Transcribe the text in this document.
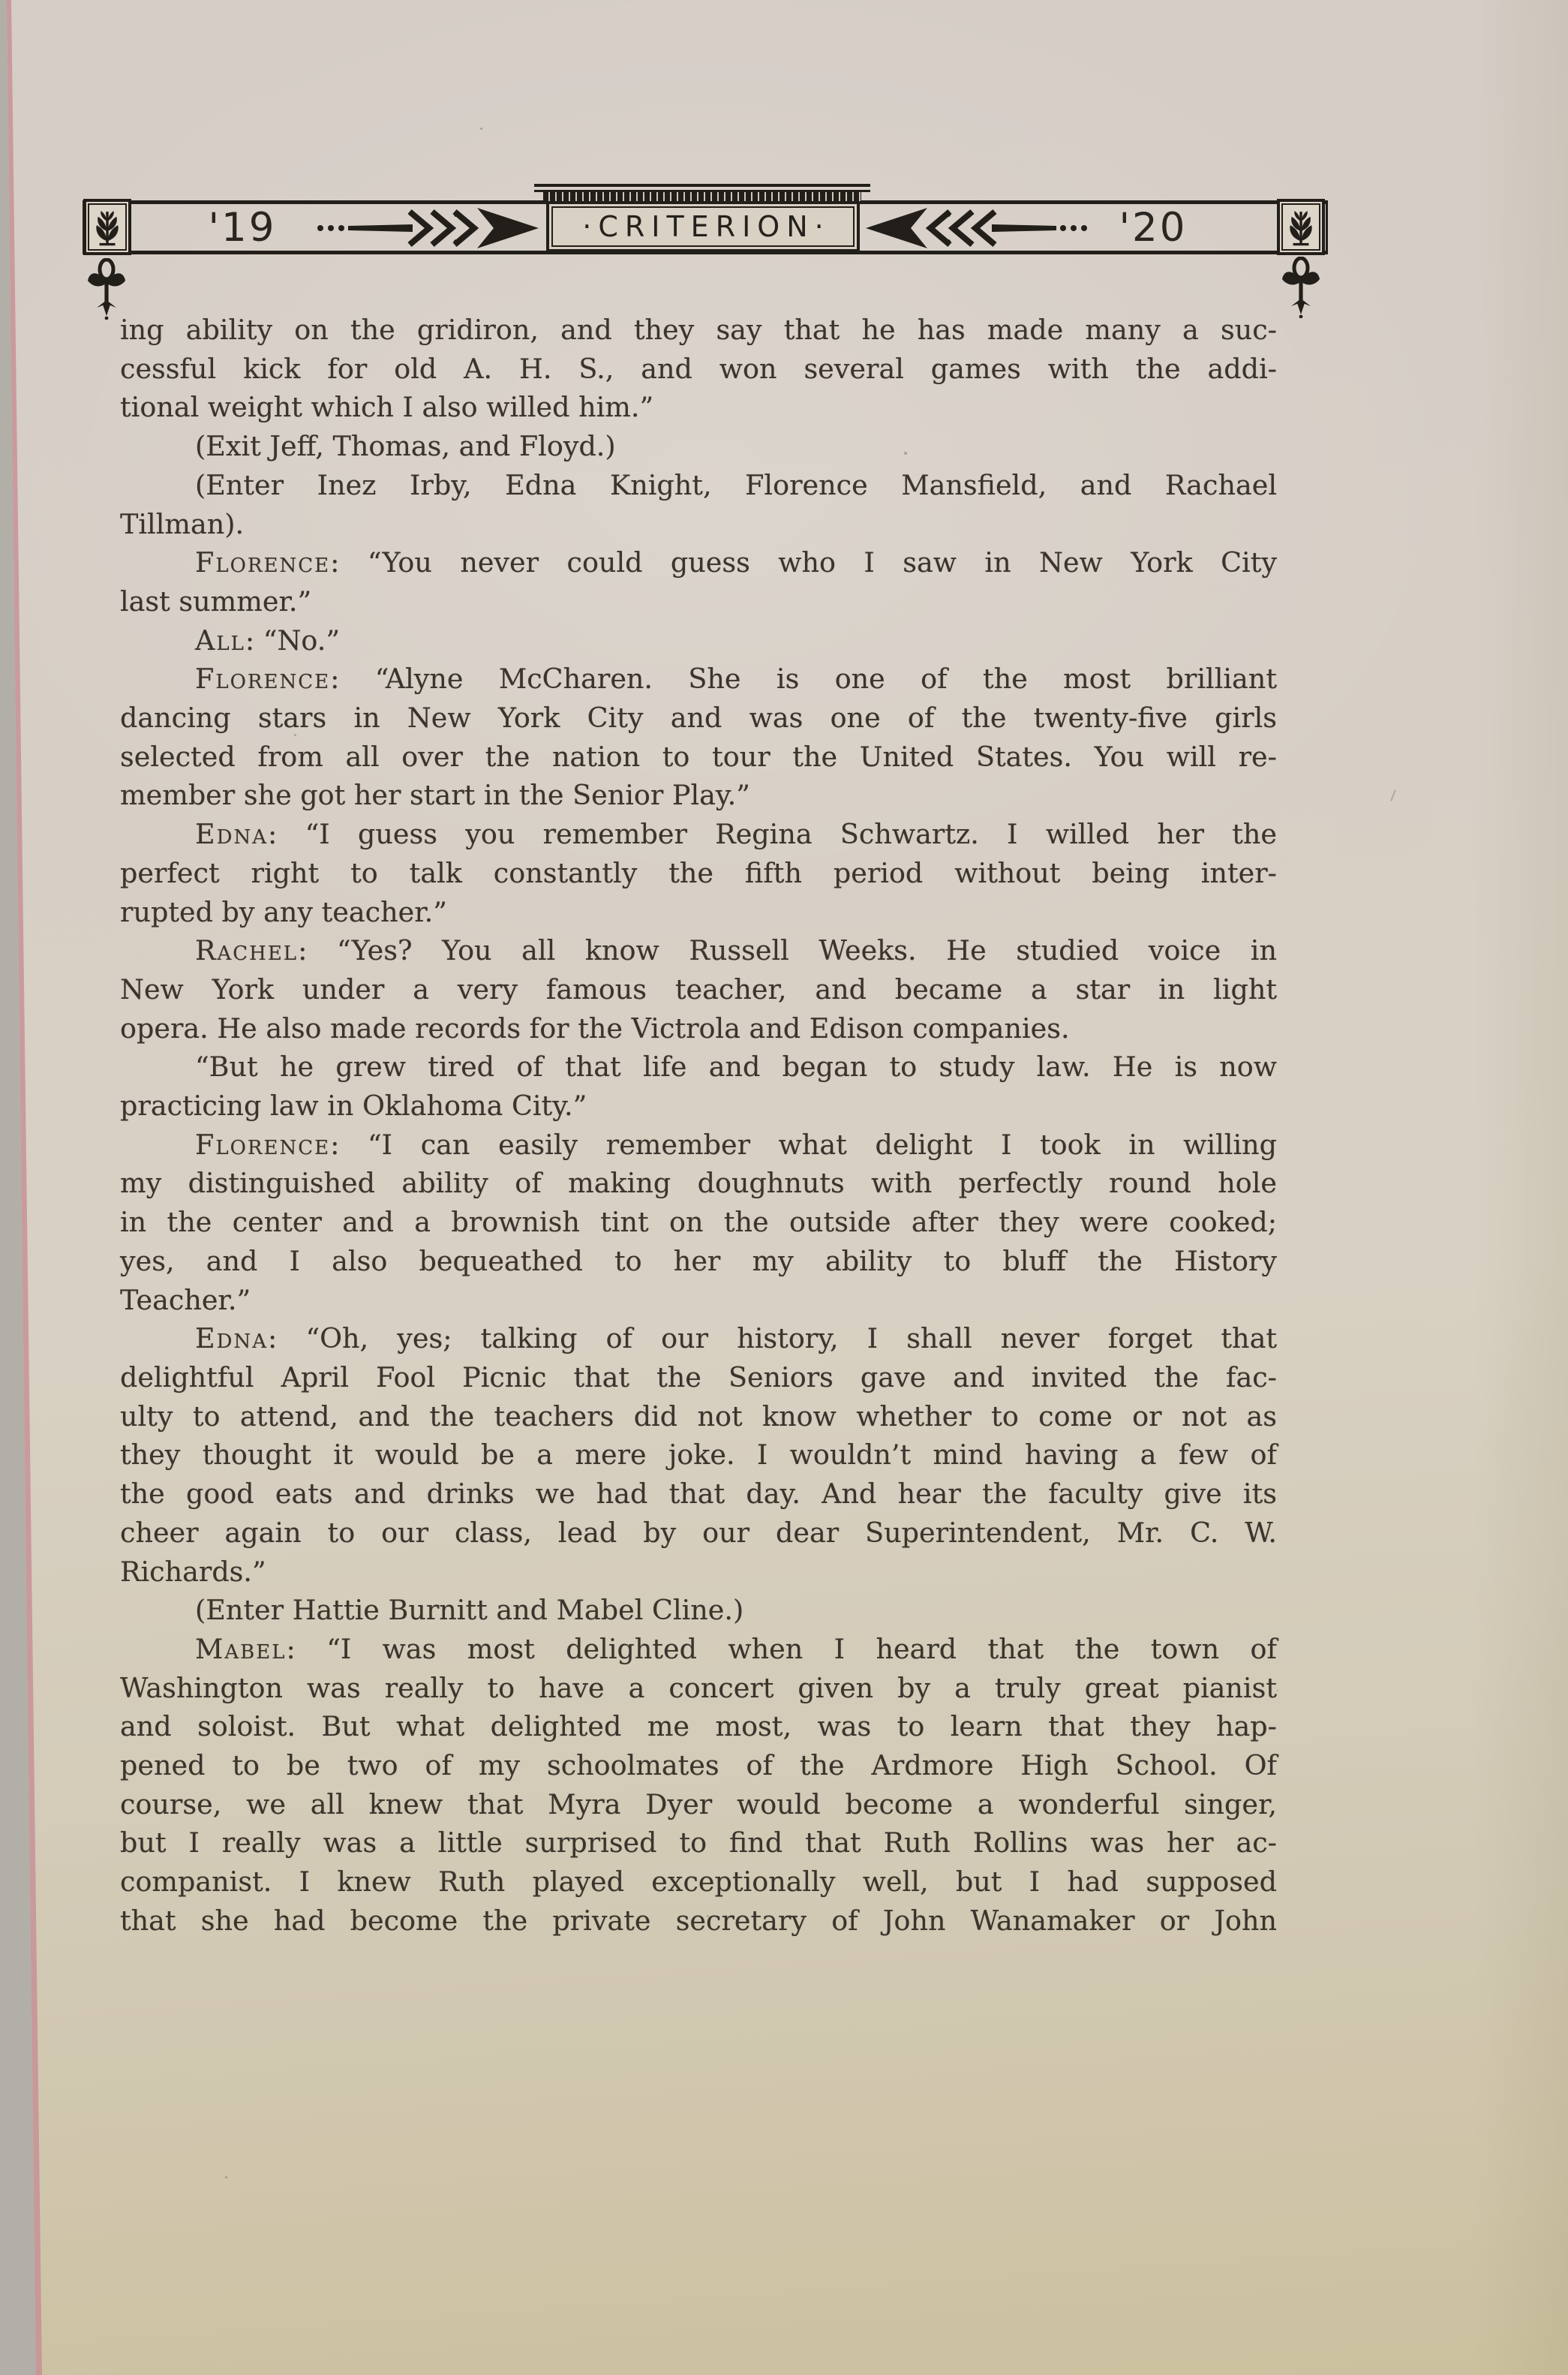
'19	'20
·CRITERION·
ing ability on the gridiron, and they say that he has made many a suc-
cessful kick for old A. H. S., and won several games with the addi-
tional weight which I also willed him.”
(Exit Jeff, Thomas, and Floyd.)
(Enter Inez Irby, Edna Knight, Florence Mansfield, and Rachael
Tillman).
Florence: “You never could guess who I saw in New York City
last summer.”
All: “No.”
Florence: “Alyne McCharen. She is one of the most brilliant
dancing stars in New York City and was one of the twenty-five girls
selected from all over the nation to tour the United States. You will re-
member she got her start in the Senior Play.”
Edna: “I guess you remember Regina Schwartz. I willed her the
perfect right to talk constantly the fifth period without being inter-
rupted by any teacher.”
Rachel: “Yes? You all know Russell Weeks. He studied voice in
New York under a very famous teacher, and became a star in light
opera. He also made records for the Victrola and Edison companies.
“But he grew tired of that life and began to study law. He is now
practicing law in Oklahoma City.”
Florence: “I can easily remember what delight I took in willing
my distinguished ability of making doughnuts with perfectly round hole
in the center and a brownish tint on the outside after they were cooked;
yes, and I also bequeathed to her my ability to bluff the History
Teacher.”
Edna: “Oh, yes; talking of our history, I shall never forget that
delightful April Fool Picnic that the Seniors gave and invited the fac-
ulty to attend, and the teachers did not know whether to come or not as
they thought it would be a mere joke. I wouldn’t mind having a few of
the good eats and drinks we had that day. And hear the faculty give its
cheer again to our class, lead by our dear Superintendent, Mr. C. W.
Richards.”
(Enter Hattie Burnitt and Mabel Cline.)
Mabel: “I was most delighted when I heard that the town of
Washington was really to have a concert given by a truly great pianist
and soloist. But what delighted me most, was to learn that they hap-
pened to be two of my schoolmates of the Ardmore High School. Of
course, we all knew that Myra Dyer would become a wonderful singer,
but I really was a little surprised to find that Ruth Rollins was her ac-
companist. I knew Ruth played exceptionally well, but I had supposed
that she had become the private secretary of John Wanamaker or John
